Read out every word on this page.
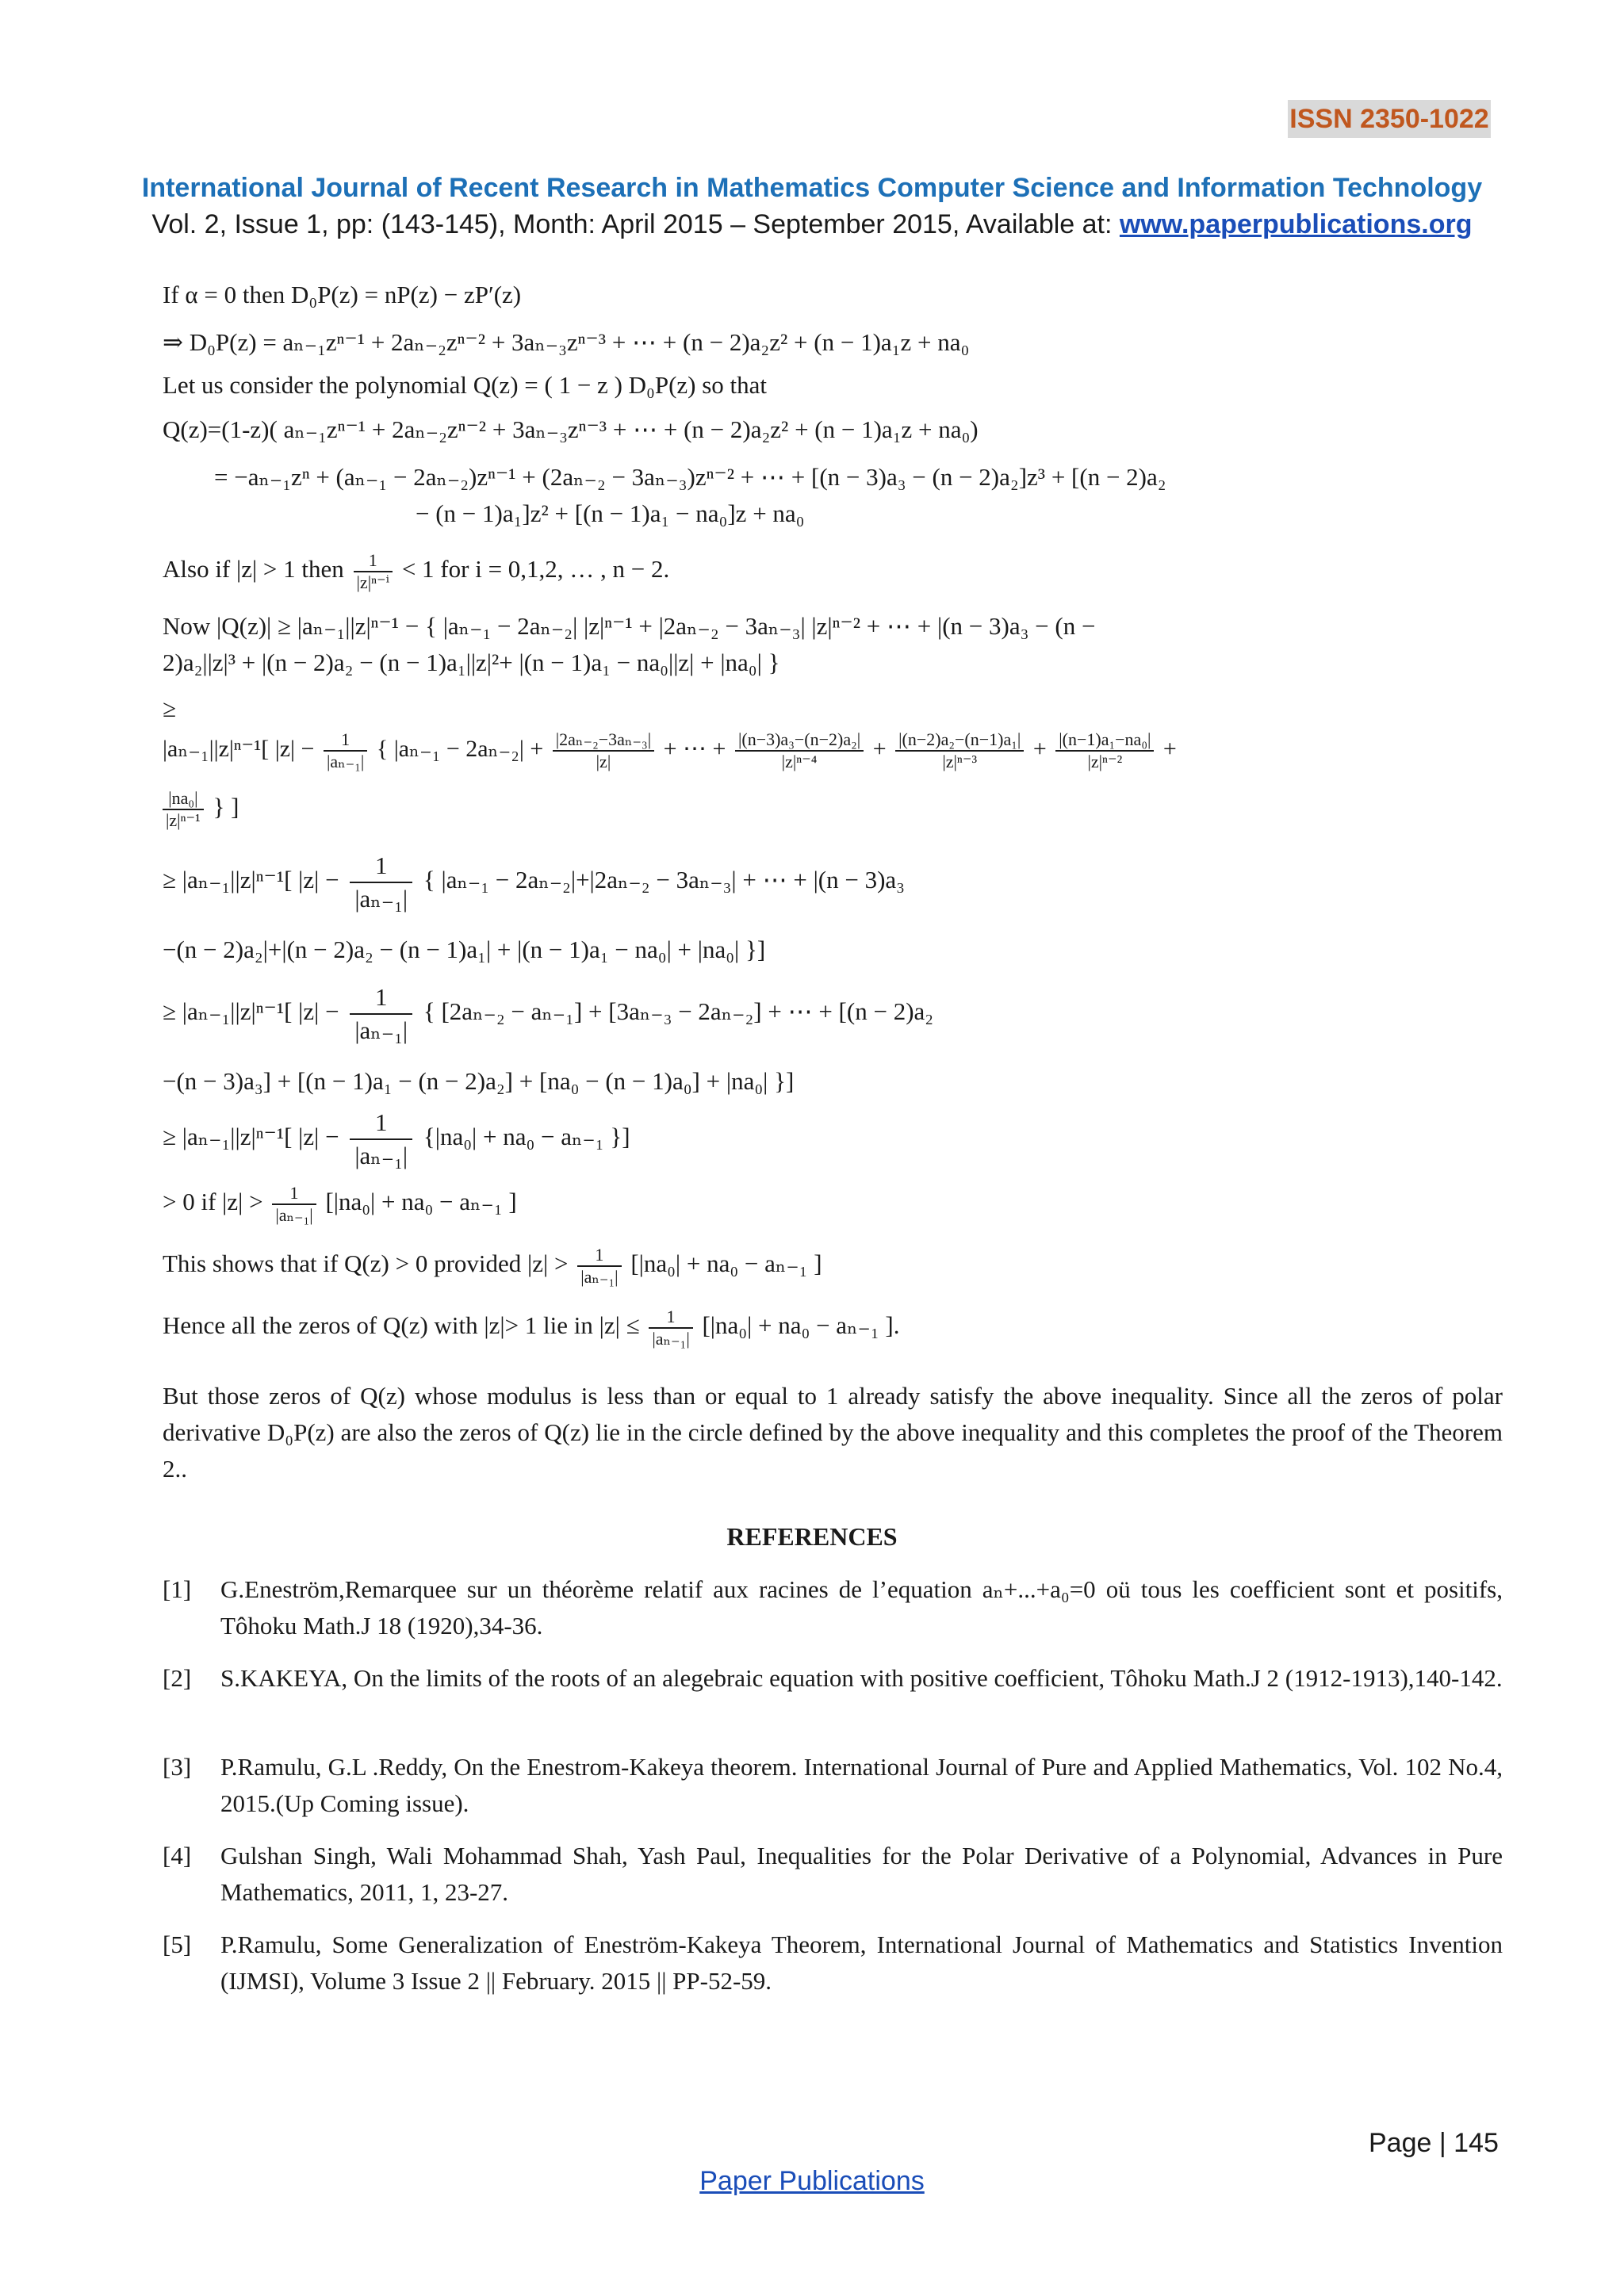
ISSN 2350-1022
International Journal of Recent Research in Mathematics Computer Science and Information Technology
Vol. 2, Issue 1, pp: (143-145), Month: April 2015 – September 2015, Available at: www.paperpublications.org
If α = 0 then D₀P(z) = nP(z) − zP′(z)
⇒ D₀P(z) = aₙ₋₁zⁿ⁻¹ + 2aₙ₋₂zⁿ⁻² + 3aₙ₋₃zⁿ⁻³ + ⋯ + (n − 2)a₂z² + (n − 1)a₁z + na₀
Let us consider the polynomial Q(z) = ( 1 − z ) D₀P(z) so that
Q(z)=(1-z)( aₙ₋₁zⁿ⁻¹ + 2aₙ₋₂zⁿ⁻² + 3aₙ₋₃zⁿ⁻³ + ⋯ + (n − 2)a₂z² + (n − 1)a₁z + na₀)
= −aₙ₋₁zⁿ + (aₙ₋₁ − 2aₙ₋₂)zⁿ⁻¹ + (2aₙ₋₂ − 3aₙ₋₃)zⁿ⁻² + ⋯ + [(n − 3)a₃ − (n − 2)a₂]z³ + [(n − 2)a₂
− (n − 1)a₁]z² + [(n − 1)a₁ − na₀]z + na₀
Also if |z| > 1 then $\frac{1}{\text{|z|ⁿ⁻ⁱ}} < 1$ for i = 0,1,2, … , n − 2.
Now |Q(z)| ≥ |aₙ₋₁||z|ⁿ⁻¹ − { |aₙ₋₁ − 2aₙ₋₂| |z|ⁿ⁻¹ + |2aₙ₋₂ − 3aₙ₋₃| |z|ⁿ⁻² + ⋯ + |(n − 3)a₃ − (n −
2)a₂||z|³ + |(n − 2)a₂ − (n − 1)a₁||z|²+ |(n − 1)a₁ − na₀||z| + |na₀| }
≥
|aₙ₋₁||z|ⁿ⁻¹[ $|z| - \frac{1}{\text{|aₙ₋₁|}}$ { $|a_{n-1} - 2a_{n-2}| + \frac{\text{|2aₙ₋₂−3aₙ₋₃|}}{|z|}$ + ⋯ + $\frac{\text{|(n−3)a₃−(n−2)a₂|}}{\text{|z|ⁿ⁻⁴}} + \frac{\text{|(n−2)a₂−(n−1)a₁|}}{\text{|z|ⁿ⁻³}} + \frac{\text{|(n−1)a₁−na₀|}}{\text{|z|ⁿ⁻²}}$ +
$\frac{\text{|na₀|}}{\text{|z|ⁿ⁻¹}}$ } ]
≥ |aₙ₋₁||z|ⁿ⁻¹[ $|z| - \frac{1}{\text{|aₙ₋₁|}}$ { |aₙ₋₁ − 2aₙ₋₂|+|2aₙ₋₂ − 3aₙ₋₃| + ⋯ + |(n − 3)a₃
−(n − 2)a₂|+|(n − 2)a₂ − (n − 1)a₁| + |(n − 1)a₁ − na₀| + |na₀| }]
≥ |aₙ₋₁||z|ⁿ⁻¹[ $|z| - \frac{1}{\text{|aₙ₋₁|}}$ { [2aₙ₋₂ − aₙ₋₁] + [3aₙ₋₃ − 2aₙ₋₂] + ⋯ + [(n − 2)a₂
−(n − 3)a₃] + [(n − 1)a₁ − (n − 2)a₂] + [na₀ − (n − 1)a₀] + |na₀| }]
≥ |aₙ₋₁||z|ⁿ⁻¹[ $|z| - \frac{1}{\text{|aₙ₋₁|}} \{|na_0| + na_0 - a_{n-1}$ }]
> 0 if $|z| > \frac{1}{\text{|aₙ₋₁|}} [|na_0| + na_0 - a_{n-1}$ ]
This shows that if Q(z) > 0 provided $|z| > \frac{1}{\text{|aₙ₋₁|}} [|na_0| + na_0 - a_{n-1}$ ]
Hence all the zeros of Q(z) with |z|> 1 lie in $|z| \le \frac{1}{\text{|aₙ₋₁|}} [|na_0| + na_0 - a_{n-1}$ ].
But those zeros of Q(z) whose modulus is less than or equal to 1 already satisfy the above inequality. Since all the zeros of polar derivative D₀P(z) are also the zeros of Q(z) lie in the circle defined by the above inequality and this completes the proof of the Theorem 2..
REFERENCES
[1] G.Eneström,Remarquee sur un théorème relatif aux racines de l’equation aₙ+...+a₀=0 oü tous les coefficient sont et positifs, Tôhoku Math.J 18 (1920),34-36.
[2] S.KAKEYA, On the limits of the roots of an alegebraic equation with positive coefficient, Tôhoku Math.J 2 (1912-1913),140-142.
[3] P.Ramulu, G.L .Reddy, On the Enestrom-Kakeya theorem. International Journal of Pure and Applied Mathematics, Vol. 102 No.4, 2015.(Up Coming issue).
[4] Gulshan Singh, Wali Mohammad Shah, Yash Paul, Inequalities for the Polar Derivative of a Polynomial, Advances in Pure Mathematics, 2011, 1, 23-27.
[5] P.Ramulu, Some Generalization of Eneström-Kakeya Theorem, International Journal of Mathematics and Statistics Invention (IJMSI), Volume 3 Issue 2 || February. 2015 || PP-52-59.
Page | 145
Paper Publications
